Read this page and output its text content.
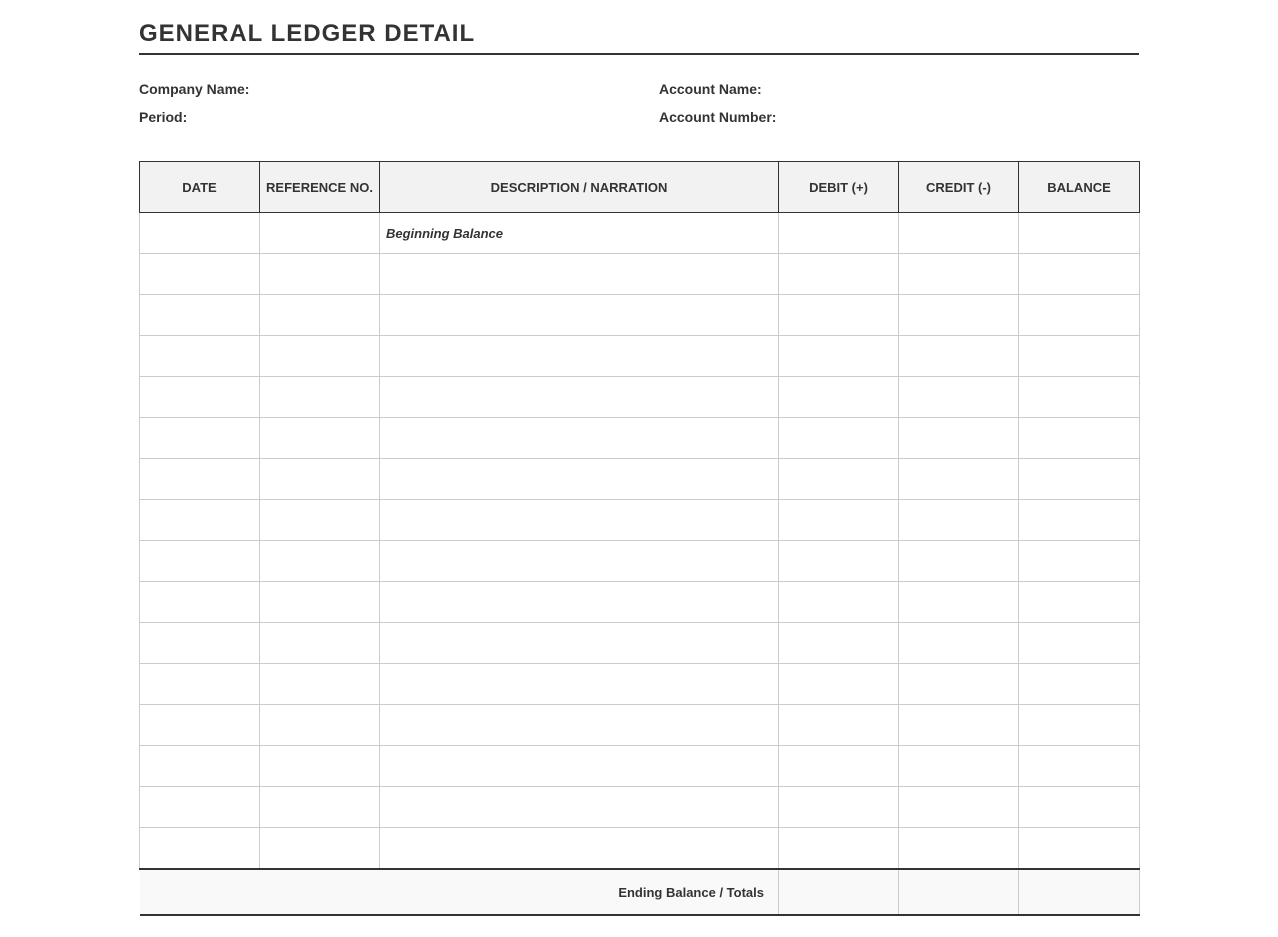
GENERAL LEDGER DETAIL
Company Name:
Period:
Account Name:
Account Number:
DATE	REFERENCE NO.	DESCRIPTION / NARRATION	DEBIT (+)	CREDIT (-)	BALANCE
		Beginning Balance			

Ending Balance / Totals					
